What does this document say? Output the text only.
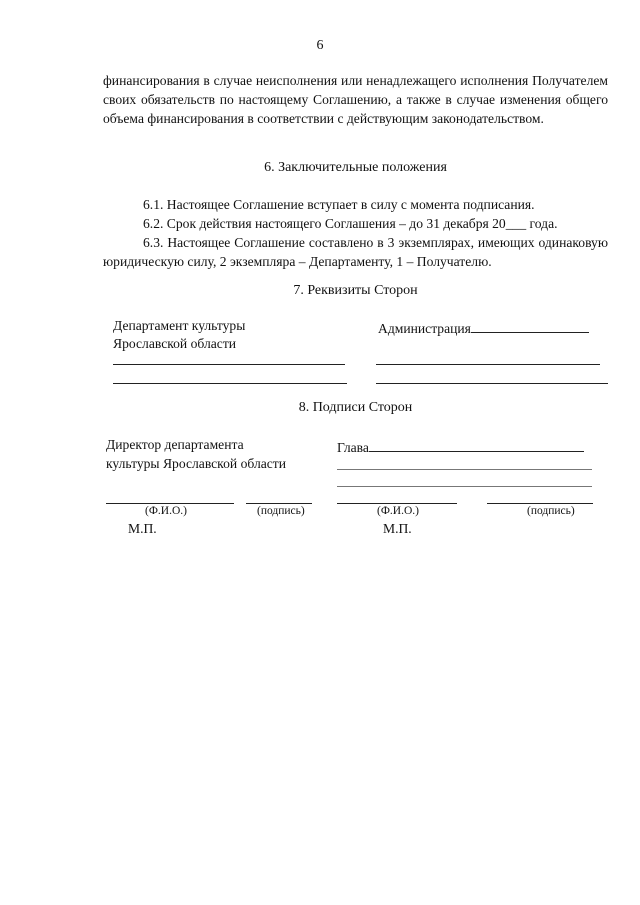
6

финансирования в случае неисполнения или ненадлежащего исполнения Получателем своих обязательств по настоящему Соглашению, а также в случае изменения общего объема финансирования в соответствии с действующим законодательством.

6. Заключительные положения
6.1. Настоящее Соглашение вступает в силу с момента подписания.
6.2. Срок действия настоящего Соглашения – до 31 декабря 20___ года.

6.3. Настоящее Соглашение составлено в 3 экземплярах, имеющих одинаковую юридическую силу, 2 экземпляра – Департаменту, 1 – Получателю.

7. Реквизиты Сторон
Департамент культуры
Ярославской области
Администрация
8. Подписи Сторон
Директор департамента
культуры Ярославской области
Глава
(Ф.И.О.)	(подпись)	(Ф.И.О.)	(подпись)
М.П.	М.П.
